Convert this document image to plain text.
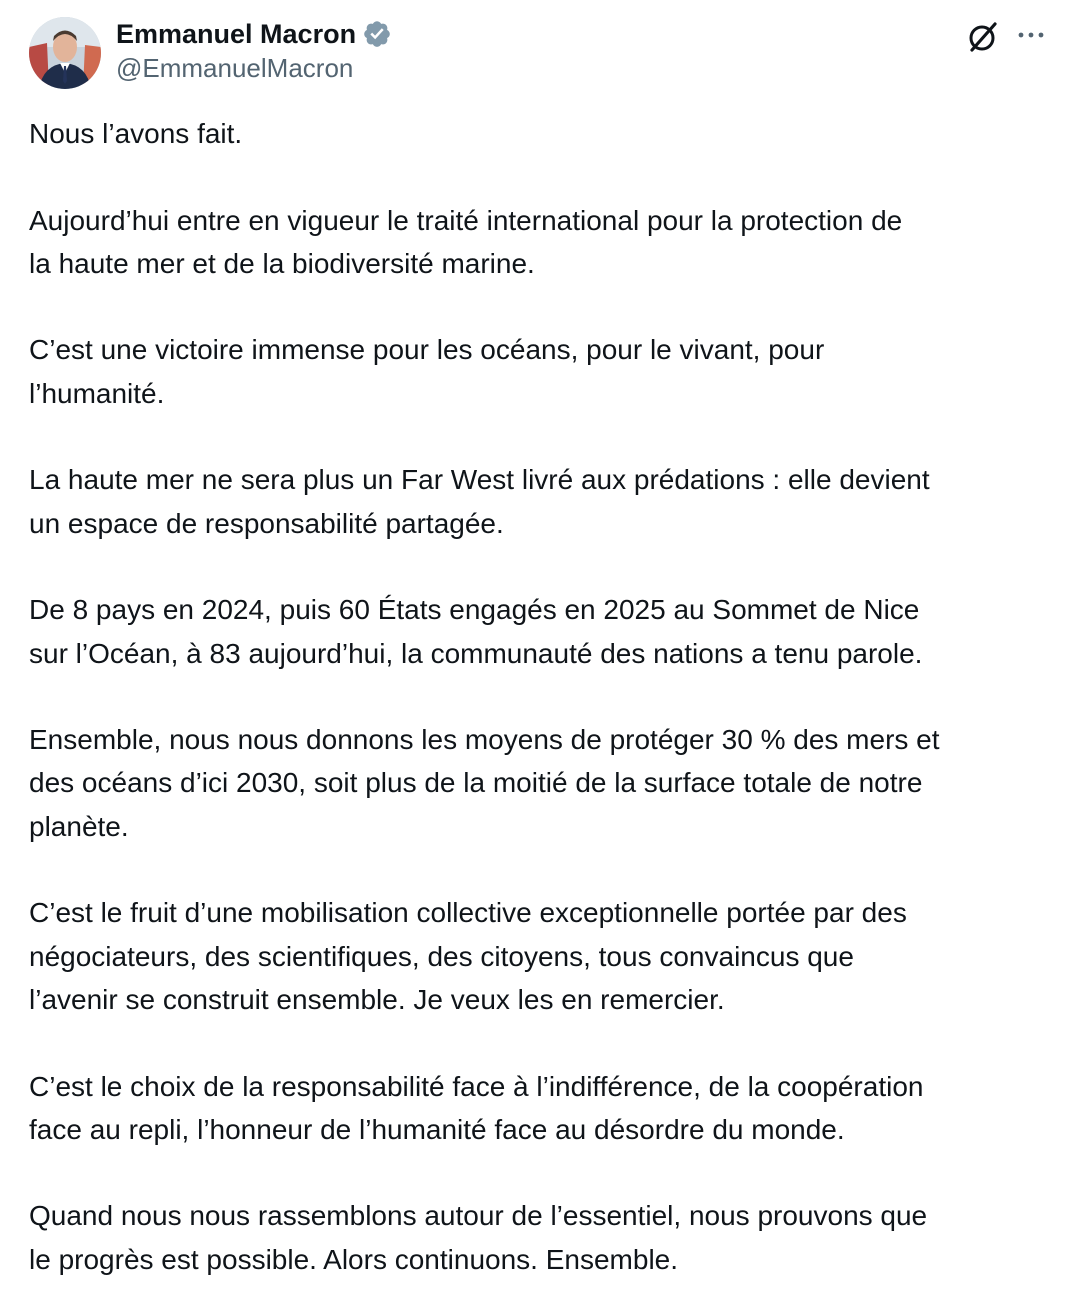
Emmanuel Macron
@EmmanuelMacron

Nous l’avons fait.

Aujourd’hui entre en vigueur le traité international pour la protection de
la haute mer et de la biodiversité marine.

C’est une victoire immense pour les océans, pour le vivant, pour
l’humanité.

La haute mer ne sera plus un Far West livré aux prédations : elle devient
un espace de responsabilité partagée.

De 8 pays en 2024, puis 60 États engagés en 2025 au Sommet de Nice
sur l’Océan, à 83 aujourd’hui, la communauté des nations a tenu parole.

Ensemble, nous nous donnons les moyens de protéger 30 % des mers et
des océans d’ici 2030, soit plus de la moitié de la surface totale de notre
planète.

C’est le fruit d’une mobilisation collective exceptionnelle portée par des
négociateurs, des scientifiques, des citoyens, tous convaincus que
l’avenir se construit ensemble. Je veux les en remercier.

C’est le choix de la responsabilité face à l’indifférence, de la coopération
face au repli, l’honneur de l’humanité face au désordre du monde.

Quand nous nous rassemblons autour de l’essentiel, nous prouvons que
le progrès est possible. Alors continuons. Ensemble.
